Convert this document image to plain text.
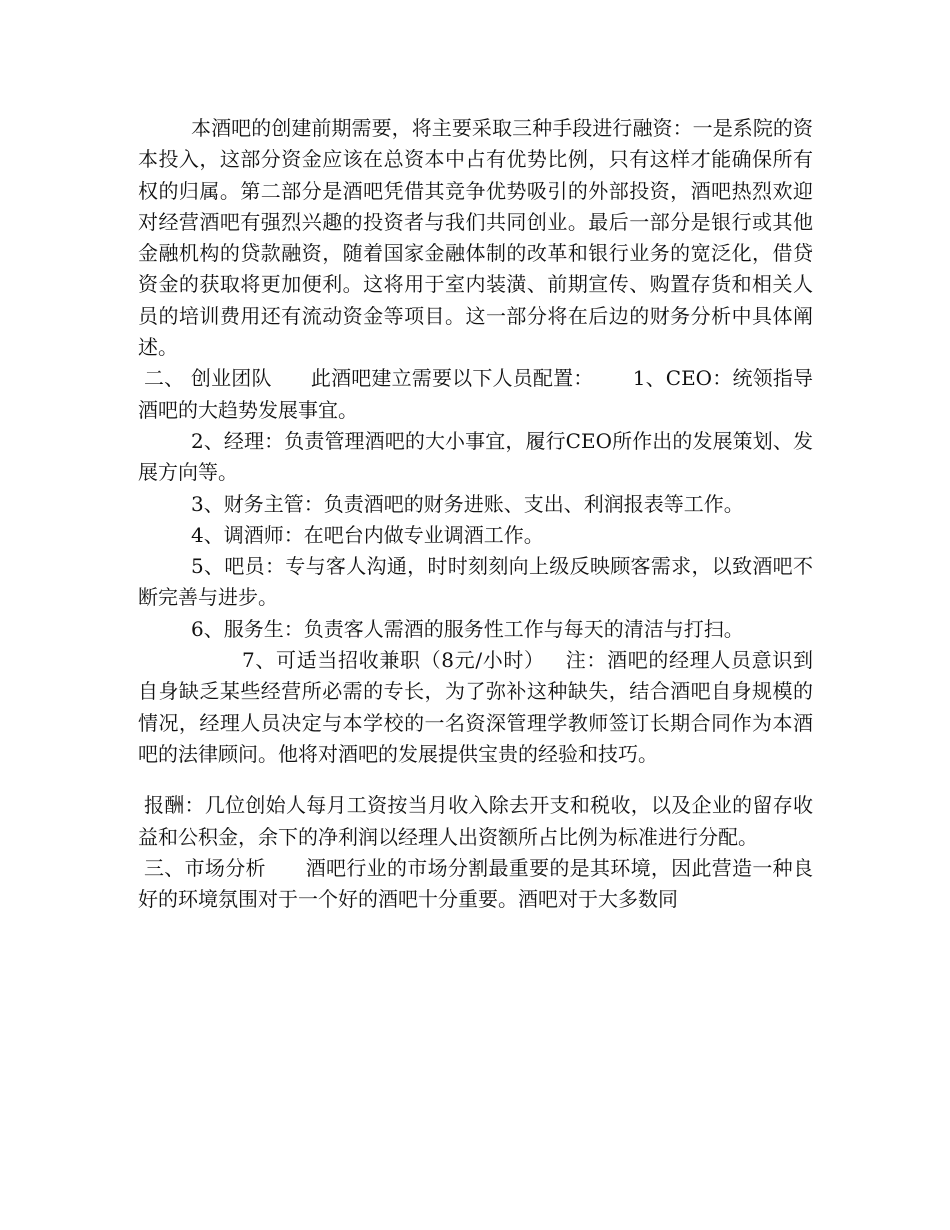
本酒吧的创建前期需要，将主要采取三种手段进行融资：一是系院的资本投入，这部分资金应该在总资本中占有优势比例，只有这样才能确保所有权的归属。第二部分是酒吧凭借其竞争优势吸引的外部投资，酒吧热烈欢迎对经营酒吧有强烈兴趣的投资者与我们共同创业。最后一部分是银行或其他金融机构的贷款融资，随着国家金融体制的改革和银行业务的宽泛化，借贷资金的获取将更加便利。这将用于室内装潢、前期宣传、购置存货和相关人员的培训费用还有流动资金等项目。这一部分将在后边的财务分析中具体阐述。

二、 创业团队      此酒吧建立需要以下人员配置：      1、CEO：统领指导酒吧的大趋势发展事宜。

2、经理：负责管理酒吧的大小事宜，履行CEO所作出的发展策划、发展方向等。

3、财务主管：负责酒吧的财务进账、支出、利润报表等工作。

4、调酒师：在吧台内做专业调酒工作。

5、吧员：专与客人沟通，时时刻刻向上级反映顾客需求，以致酒吧不断完善与进步。

6、服务生：负责客人需酒的服务性工作与每天的清洁与打扫。

7、可适当招收兼职（8元/小时）   注：酒吧的经理人员意识到自身缺乏某些经营所必需的专长，为了弥补这种缺失，结合酒吧自身规模的情况，经理人员决定与本学校的一名资深管理学教师签订长期合同作为本酒吧的法律顾问。他将对酒吧的发展提供宝贵的经验和技巧。

报酬：几位创始人每月工资按当月收入除去开支和税收，以及企业的留存收益和公积金，余下的净利润以经理人出资额所占比例为标准进行分配。

三、市场分析      酒吧行业的市场分割最重要的是其环境，因此营造一种良好的环境氛围对于一个好的酒吧十分重要。酒吧对于大多数同
